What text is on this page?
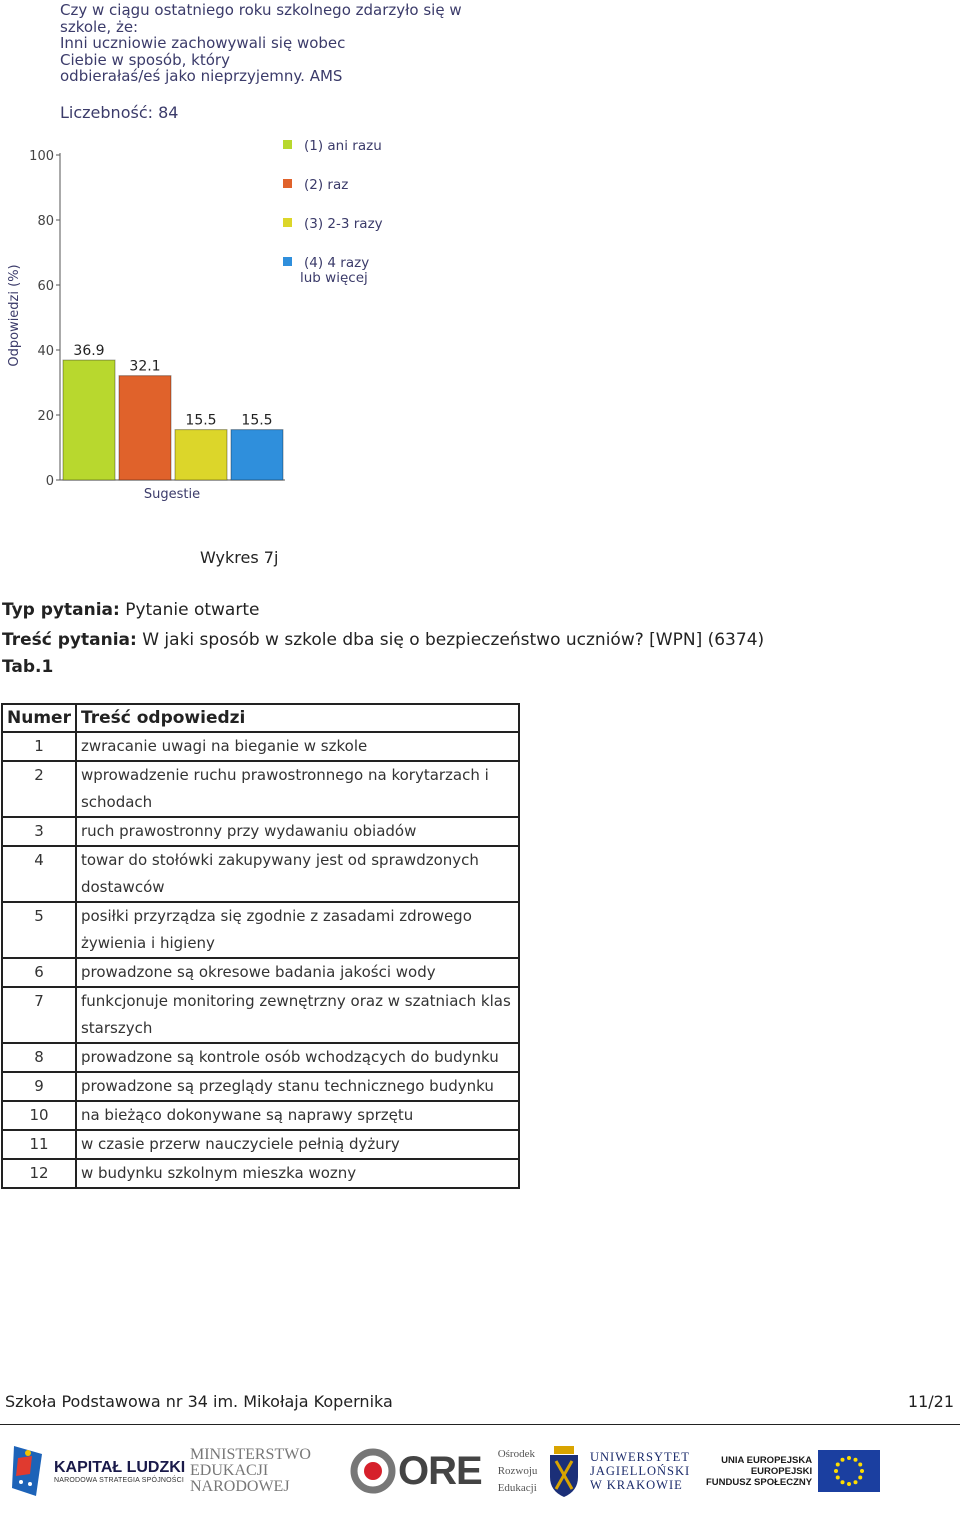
Czy w ciągu ostatniego roku szkolnego zdarzyło się w
szkole, że:
Inni uczniowie zachowywali się wobec
Ciebie w sposób, który
odbierałaś/eś jako nieprzyjemny. AMS
Liczebność: 84
0
20
40
60
80
100
Odpowiedzi (%)
Sugestie
36.9
32.1
15.5 15.5
(1) ani razu
(2) raz
(3) 2-3 razy
(4) 4 razy
lub więcej
Wykres 7j
Typ pytania: Pytanie otwarte
Treść pytania: W jaki sposób w szkole dba się o bezpieczeństwo uczniów? [WPN] (6374)
Tab.1
Numer	Treść odpowiedzi
1	zwracanie uwagi na bieganie w szkole
2	wprowadzenie ruchu prawostronnego na korytarzach i schodach
3	ruch prawostronny przy wydawaniu obiadów
4	towar do stołówki zakupywany jest od sprawdzonych dostawców
5	posiłki przyrządza się zgodnie z zasadami zdrowego żywienia i higieny
6	prowadzone są okresowe badania jakości wody
7	funkcjonuje monitoring zewnętrzny oraz w szatniach klas starszych
8	prowadzone są kontrole osób wchodzących do budynku
9	prowadzone są przeglądy stanu technicznego budynku
10	na bieżąco dokonywane są naprawy sprzętu
11	w czasie przerw nauczyciele pełnią dyżury
12	w budynku szkolnym mieszka wozny
Szkoła Podstawowa nr 34 im. Mikołaja Kopernika	11/21
KAPITAŁ LUDZKI
NARODOWA STRATEGIA SPÓJNOŚCI
MINISTERSTWO
EDUKACJI
NARODOWEJ	ORE Ośrodek
Rozwoju
Edukacji
UNIWERSYTET
JAGIELLOŃSKI
W KRAKOWIE
UNIA EUROPEJSKA
EUROPEJSKI
FUNDUSZ SPOŁECZNY
